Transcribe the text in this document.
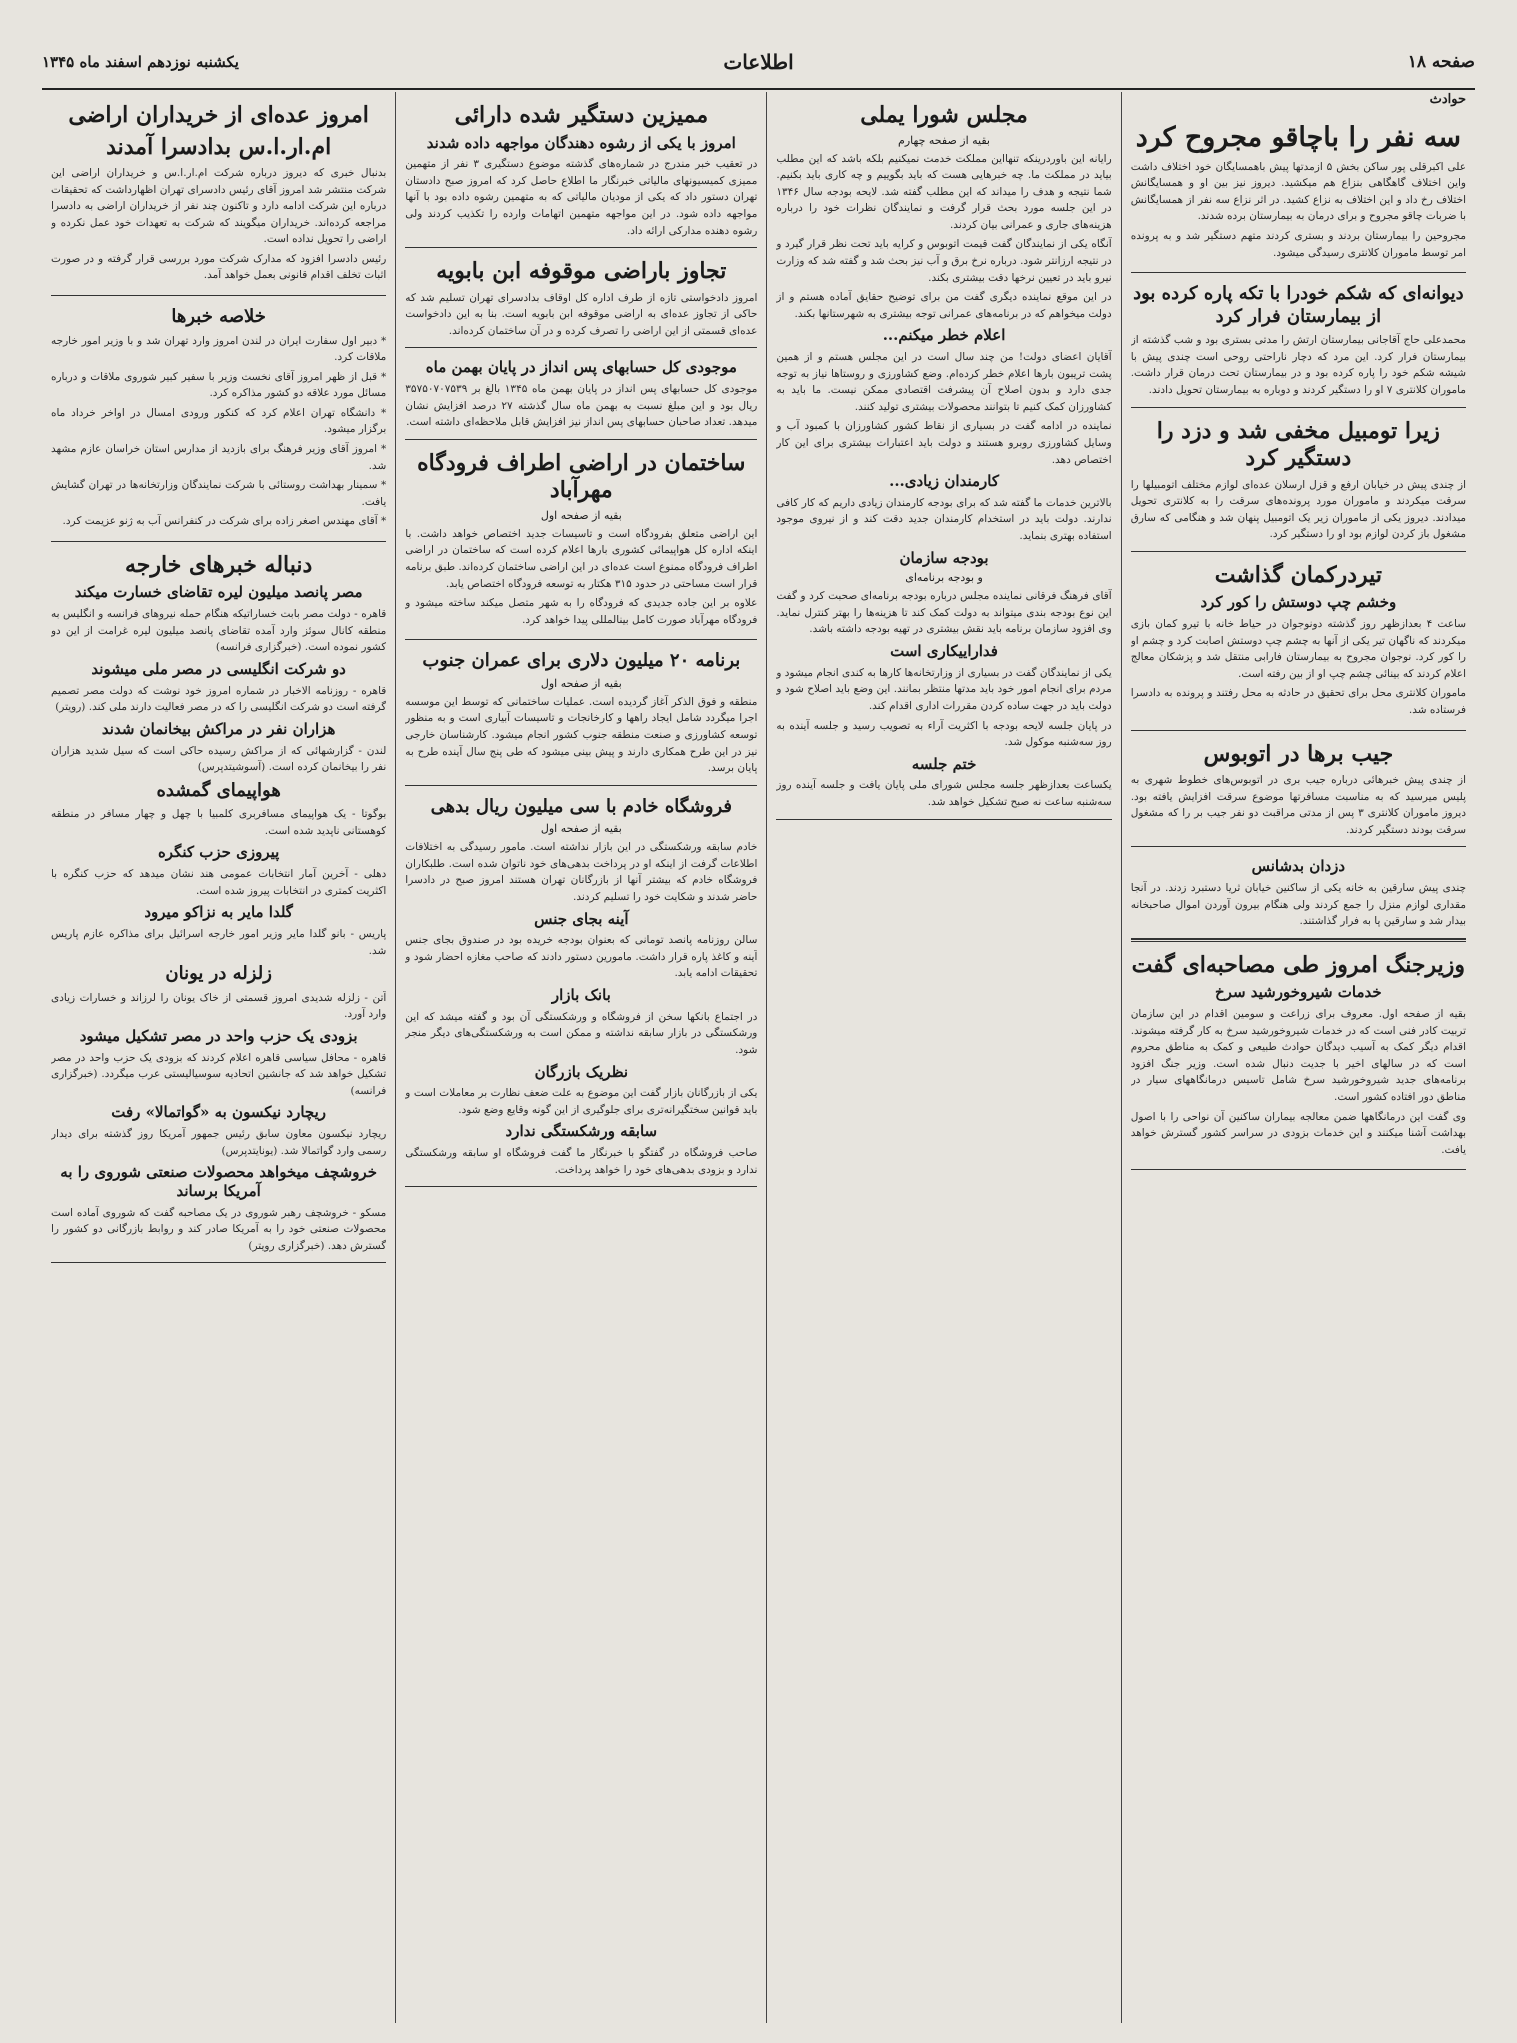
صفحه ۱۸
اطلاعات
یکشنبه نوزدهم اسفند ماه ۱۳۴۵
حوادث
سه نفر را باچاقو مجروح کرد

علی اکبرقلی پور ساکن بخش ۵ ازمدتها پیش باهمسایگان خود اختلاف داشت واین اختلاف گاهگاهی بنزاع هم میکشید. دیروز نیز بین او و همسایگانش اختلاف رخ داد و این اختلاف به نزاع کشید. در اثر نزاع سه نفر از همسایگانش با ضربات چاقو مجروح و برای درمان به بیمارستان برده شدند.

مجروحین را بیمارستان بردند و بستری کردند متهم دستگیر شد و به پرونده امر توسط ماموران کلانتری رسیدگی میشود.

دیوانه‌ای که شکم خودرا با تکه پاره کرده بود از بیمارستان فرار کرد
محمدعلی حاج آقاجانی بیمارستان ارتش را مدتی بستری بود و شب گذشته از بیمارستان فرار کرد. این مرد که دچار ناراحتی روحی است چندی پیش با شیشه شکم خود را پاره کرده بود و در بیمارستان تحت درمان قرار داشت. ماموران کلانتری ۷ او را دستگیر کردند و دوباره به بیمارستان تحویل دادند.
زیرا تومبیل مخفی شد و دزد را دستگیر کرد
از چندی پیش در خیابان ارفع و قزل ارسلان عده‌ای لوازم مختلف اتومبیلها را سرقت میکردند و ماموران مورد پرونده‌های سرقت را به کلانتری تحویل میدادند. دیروز یکی از ماموران زیر یک اتومبیل پنهان شد و هنگامی که سارق مشغول باز کردن لوازم بود او را دستگیر کرد.
تیردرکمان گذاشت
وخشم چپ دوستش را کور کرد

ساعت ۴ بعدازظهر روز گذشته دونوجوان در حیاط خانه با تیرو کمان بازی میکردند که ناگهان تیر یکی از آنها به چشم چپ دوستش اصابت کرد و چشم او را کور کرد. نوجوان مجروح به بیمارستان فارابی منتقل شد و پزشکان معالج اعلام کردند که بینائی چشم چپ او از بین رفته است.

ماموران کلانتری محل برای تحقیق در حادثه به محل رفتند و پرونده به دادسرا فرستاده شد.

جیب برها در اتوبوس
از چندی پیش خبرهائی درباره جیب بری در اتوبوس‌های خطوط شهری به پلیس میرسید که به مناسبت مسافرتها موضوع سرقت افزایش یافته بود. دیروز ماموران کلانتری ۳ پس از مدتی مراقبت دو نفر جیب بر را که مشغول سرقت بودند دستگیر کردند.
دزدان بدشانس
چندی پیش سارقین به خانه یکی از ساکنین خیابان ثریا دستبرد زدند. در آنجا مقداری لوازم منزل را جمع کردند ولی هنگام بیرون آوردن اموال صاحبخانه بیدار شد و سارقین پا به فرار گذاشتند.
وزیرجنگ امروز طی مصاحبه‌ای گفت
خدمات شیروخورشید سرخ

بقیه از صفحه اول. معروف برای زراعت و سومین اقدام در این سازمان تربیت کادر فنی است که در خدمات شیروخورشید سرخ به کار گرفته میشوند. اقدام دیگر کمک به آسیب دیدگان حوادث طبیعی و کمک به مناطق محروم است که در سالهای اخیر با جدیت دنبال شده است. وزیر جنگ افزود برنامه‌های جدید شیروخورشید سرخ شامل تاسیس درمانگاههای سیار در مناطق دور افتاده کشور است.

وی گفت این درمانگاهها ضمن معالجه بیماران ساکنین آن نواحی را با اصول بهداشت آشنا میکنند و این خدمات بزودی در سراسر کشور گسترش خواهد یافت.

مجلس شورا یملی
بقیه از صفحه چهارم

رایانه این باوردرینکه تنهااین مملکت خدمت نمیکنیم بلکه باشد که این مطلب بیاید در مملکت ما. چه خبرهایی هست که باید بگوییم و چه کاری باید بکنیم. شما نتیجه و هدف را میداند که این مطلب گفته شد. لایحه بودجه سال ۱۳۴۶ در این جلسه مورد بحث قرار گرفت و نمایندگان نظرات خود را درباره هزینه‌های جاری و عمرانی بیان کردند.

آنگاه یکی از نمایندگان گفت قیمت اتوبوس و کرایه باید تحت نظر قرار گیرد و در نتیجه ارزانتر شود. درباره نرخ برق و آب نیز بحث شد و گفته شد که وزارت نیرو باید در تعیین نرخها دقت بیشتری بکند.

در این موقع نماینده دیگری گفت من برای توضیح حقایق آماده هستم و از دولت میخواهم که در برنامه‌های عمرانی توجه بیشتری به شهرستانها بکند.

اعلام خطر میکنم...

آقایان اعضای دولت! من چند سال است در این مجلس هستم و از همین پشت تریبون بارها اعلام خطر کرده‌ام. وضع کشاورزی و روستاها نیاز به توجه جدی دارد و بدون اصلاح آن پیشرفت اقتصادی ممکن نیست. ما باید به کشاورزان کمک کنیم تا بتوانند محصولات بیشتری تولید کنند.

نماینده در ادامه گفت در بسیاری از نقاط کشور کشاورزان با کمبود آب و وسایل کشاورزی روبرو هستند و دولت باید اعتبارات بیشتری برای این کار اختصاص دهد.

کارمندان زیادی...
بالاترین خدمات ما گفته شد که برای بودجه کارمندان زیادی داریم که کار کافی ندارند. دولت باید در استخدام کارمندان جدید دقت کند و از نیروی موجود استفاده بهتری بنماید.
بودجه سازمان
و بودجه برنامه‌ای
آقای فرهنگ فرقانی نماینده مجلس درباره بودجه برنامه‌ای صحبت کرد و گفت این نوع بودجه بندی میتواند به دولت کمک کند تا هزینه‌ها را بهتر کنترل نماید. وی افزود سازمان برنامه باید نقش بیشتری در تهیه بودجه داشته باشد.
فداراییکاری است

یکی از نمایندگان گفت در بسیاری از وزارتخانه‌ها کارها به کندی انجام میشود و مردم برای انجام امور خود باید مدتها منتظر بمانند. این وضع باید اصلاح شود و دولت باید در جهت ساده کردن مقررات اداری اقدام کند.

در پایان جلسه لایحه بودجه با اکثریت آراء به تصویب رسید و جلسه آینده به روز سه‌شنبه موکول شد.

ختم جلسه
یکساعت بعدازظهر جلسه مجلس شورای ملی پایان یافت و جلسه آینده روز سه‌شنبه ساعت نه صبح تشکیل خواهد شد.
ممیزین دستگیر شده دارائی
امروز با یکی از رشوه دهندگان مواجهه داده شدند
در تعقیب خبر مندرج در شماره‌های گذشته موضوع دستگیری ۳ نفر از متهمین ممیزی کمیسیونهای مالیاتی خبرنگار ما اطلاع حاصل کرد که امروز صبح دادستان تهران دستور داد که یکی از مودیان مالیاتی که به متهمین رشوه داده بود با آنها مواجهه داده شود. در این مواجهه متهمین اتهامات وارده را تکذیب کردند ولی رشوه دهنده مدارکی ارائه داد.
تجاوز باراضی موقوفه ابن بابویه
امروز دادخواستی تازه از طرف اداره کل اوقاف بدادسرای تهران تسلیم شد که حاکی از تجاوز عده‌ای به اراضی موقوفه ابن بابویه است. بنا به این دادخواست عده‌ای قسمتی از این اراضی را تصرف کرده و در آن ساختمان کرده‌اند.
موجودی کل حسابهای پس انداز در پایان بهمن ماه
موجودی کل حسابهای پس انداز در پایان بهمن ماه ۱۳۴۵ بالغ بر ۳۵۷۵۰۷۰۷۵۳۹ ریال بود و این مبلغ نسبت به بهمن ماه سال گذشته ۲۷ درصد افزایش نشان میدهد. تعداد صاحبان حسابهای پس انداز نیز افزایش قابل ملاحظه‌ای داشته است.
ساختمان در اراضی اطراف فرودگاه مهرآباد
بقیه از صفحه اول

این اراضی متعلق بفرودگاه است و تاسیسات جدید اختصاص خواهد داشت. با اینکه اداره کل هواپیمائی کشوری بارها اعلام کرده است که ساختمان در اراضی اطراف فرودگاه ممنوع است عده‌ای در این اراضی ساختمان کرده‌اند. طبق برنامه قرار است مساحتی در حدود ۳۱۵ هکتار به توسعه فرودگاه اختصاص یابد.

علاوه بر این جاده جدیدی که فرودگاه را به شهر متصل میکند ساخته میشود و فرودگاه مهرآباد صورت کامل بینالمللی پیدا خواهد کرد.

برنامه ۲۰ میلیون دلاری برای عمران جنوب
بقیه از صفحه اول
منطقه و فوق الذکر آغاز گردیده است. عملیات ساختمانی که توسط این موسسه اجرا میگردد شامل ایجاد راهها و کارخانجات و تاسیسات آبیاری است و به منظور توسعه کشاورزی و صنعت منطقه جنوب کشور انجام میشود. کارشناسان خارجی نیز در این طرح همکاری دارند و پیش بینی میشود که طی پنج سال آینده طرح به پایان برسد.
فروشگاه خادم با سی میلیون ریال بدهی
بقیه از صفحه اول
خادم سابقه ورشکستگی در این بازار نداشته است. مامور رسیدگی به اختلافات اطلاعات گرفت از اینکه او در پرداخت بدهی‌های خود ناتوان شده است. طلبکاران فروشگاه خادم که بیشتر آنها از بازرگانان تهران هستند امروز صبح در دادسرا حاضر شدند و شکایت خود را تسلیم کردند.
آینه بجای جنس
سالن روزنامه پانصد تومانی که بعنوان بودجه خریده بود در صندوق بجای جنس آینه و کاغذ پاره قرار داشت. مامورین دستور دادند که صاحب مغازه احضار شود و تحقیقات ادامه یابد.
بانک بازار
در اجتماع بانکها سخن از فروشگاه و ورشکستگی آن بود و گفته میشد که این ورشکستگی در بازار سابقه نداشته و ممکن است به ورشکستگی‌های دیگر منجر شود.
نظریک بازرگان
یکی از بازرگانان بازار گفت این موضوع به علت ضعف نظارت بر معاملات است و باید قوانین سختگیرانه‌تری برای جلوگیری از این گونه وقایع وضع شود.
سابقه ورشکستگی ندارد
صاحب فروشگاه در گفتگو با خبرنگار ما گفت فروشگاه او سابقه ورشکستگی ندارد و بزودی بدهی‌های خود را خواهد پرداخت.
امروز عده‌ای از خریداران اراضی
ام.ار.ا.س بدادسرا آمدند

بدنبال خبری که دیروز درباره شرکت ام.ار.ا.س و خریداران اراضی این شرکت منتشر شد امروز آقای رئیس دادسرای تهران اظهارداشت که تحقیقات درباره این شرکت ادامه دارد و تاکنون چند نفر از خریداران اراضی به دادسرا مراجعه کرده‌اند. خریداران میگویند که شرکت به تعهدات خود عمل نکرده و اراضی را تحویل نداده است.

رئیس دادسرا افزود که مدارک شرکت مورد بررسی قرار گرفته و در صورت اثبات تخلف اقدام قانونی بعمل خواهد آمد.

خلاصه خبرها

* دبیر اول سفارت ایران در لندن امروز وارد تهران شد و با وزیر امور خارجه ملاقات کرد.

* قبل از ظهر امروز آقای نخست وزیر با سفیر کبیر شوروی ملاقات و درباره مسائل مورد علاقه دو کشور مذاکره کرد.

* دانشگاه تهران اعلام کرد که کنکور ورودی امسال در اواخر خرداد ماه برگزار میشود.

* امروز آقای وزیر فرهنگ برای بازدید از مدارس استان خراسان عازم مشهد شد.

* سمینار بهداشت روستائی با شرکت نمایندگان وزارتخانه‌ها در تهران گشایش یافت.

* آقای مهندس اصغر زاده برای شرکت در کنفرانس آب به ژنو عزیمت کرد.

دنباله خبرهای خارجه
مصر پانصد میلیون لیره تقاضای خسارت میکند
قاهره - دولت مصر بابت خساراتیکه هنگام حمله نیروهای فرانسه و انگلیس به منطقه کانال سوئز وارد آمده تقاضای پانصد میلیون لیره غرامت از این دو کشور نموده است. (خبرگزاری فرانسه)
دو شرکت انگلیسی در مصر ملی میشوند
قاهره - روزنامه الاخبار در شماره امروز خود نوشت که دولت مصر تصمیم گرفته است دو شرکت انگلیسی را که در مصر فعالیت دارند ملی کند. (رویتر)
هزاران نفر در مراکش بیخانمان شدند
لندن - گزارشهائی که از مراکش رسیده حاکی است که سیل شدید هزاران نفر را بیخانمان کرده است. (آسوشیتدپرس)
هواپیمای گمشده
بوگوتا - یک هواپیمای مسافربری کلمبیا با چهل و چهار مسافر در منطقه کوهستانی ناپدید شده است.
پیروزی حزب کنگره
دهلی - آخرین آمار انتخابات عمومی هند نشان میدهد که حزب کنگره با اکثریت کمتری در انتخابات پیروز شده است.
گلدا مایر به نزاکو میرود
پاریس - بانو گلدا مایر وزیر امور خارجه اسرائیل برای مذاکره عازم پاریس شد.
زلزله در یونان
آتن - زلزله شدیدی امروز قسمتی از خاک یونان را لرزاند و خسارات زیادی وارد آورد.
بزودی یک حزب واحد در مصر تشکیل میشود
قاهره - محافل سیاسی قاهره اعلام کردند که بزودی یک حزب واحد در مصر تشکیل خواهد شد که جانشین اتحادیه سوسیالیستی عرب میگردد. (خبرگزاری فرانسه)
ریچارد نیکسون به «گواتمالا» رفت
ریچارد نیکسون معاون سابق رئیس جمهور آمریکا روز گذشته برای دیدار رسمی وارد گواتمالا شد. (یونایتدپرس)
خروشچف میخواهد محصولات صنعتی شوروی را به آمریکا برساند
مسکو - خروشچف رهبر شوروی در یک مصاحبه گفت که شوروی آماده است محصولات صنعتی خود را به آمریکا صادر کند و روابط بازرگانی دو کشور را گسترش دهد. (خبرگزاری رویتر)
